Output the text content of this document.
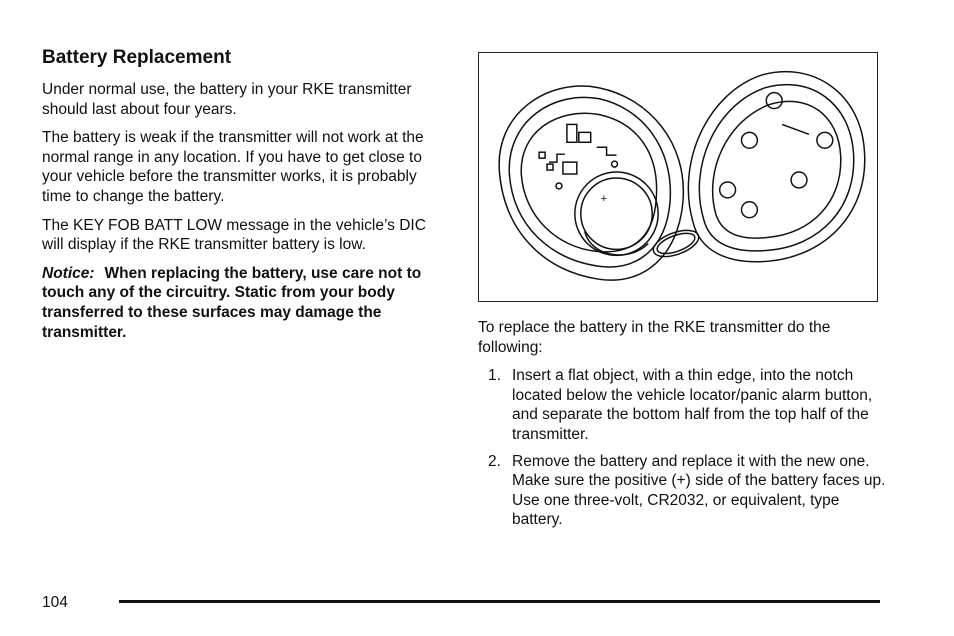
Battery Replacement

Under normal use, the battery in your RKE transmitter should last about four years.

The battery is weak if the transmitter will not work at the normal range in any location. If you have to get close to your vehicle before the transmitter works, it is probably time to change the battery.

The KEY FOB BATT LOW message in the vehicle’s DIC will display if the RKE transmitter battery is low.

Notice: When replacing the battery, use care not to touch any of the circuitry. Static from your body transferred to these surfaces may damage the transmitter.

+

To replace the battery in the RKE transmitter do the following:

1. Insert a flat object, with a thin edge, into the notch located below the vehicle locator/panic alarm button, and separate the bottom half from the top half of the transmitter.
2. Remove the battery and replace it with the new one. Make sure the positive (+) side of the battery faces up. Use one three-volt, CR2032, or equivalent, type battery.
104
